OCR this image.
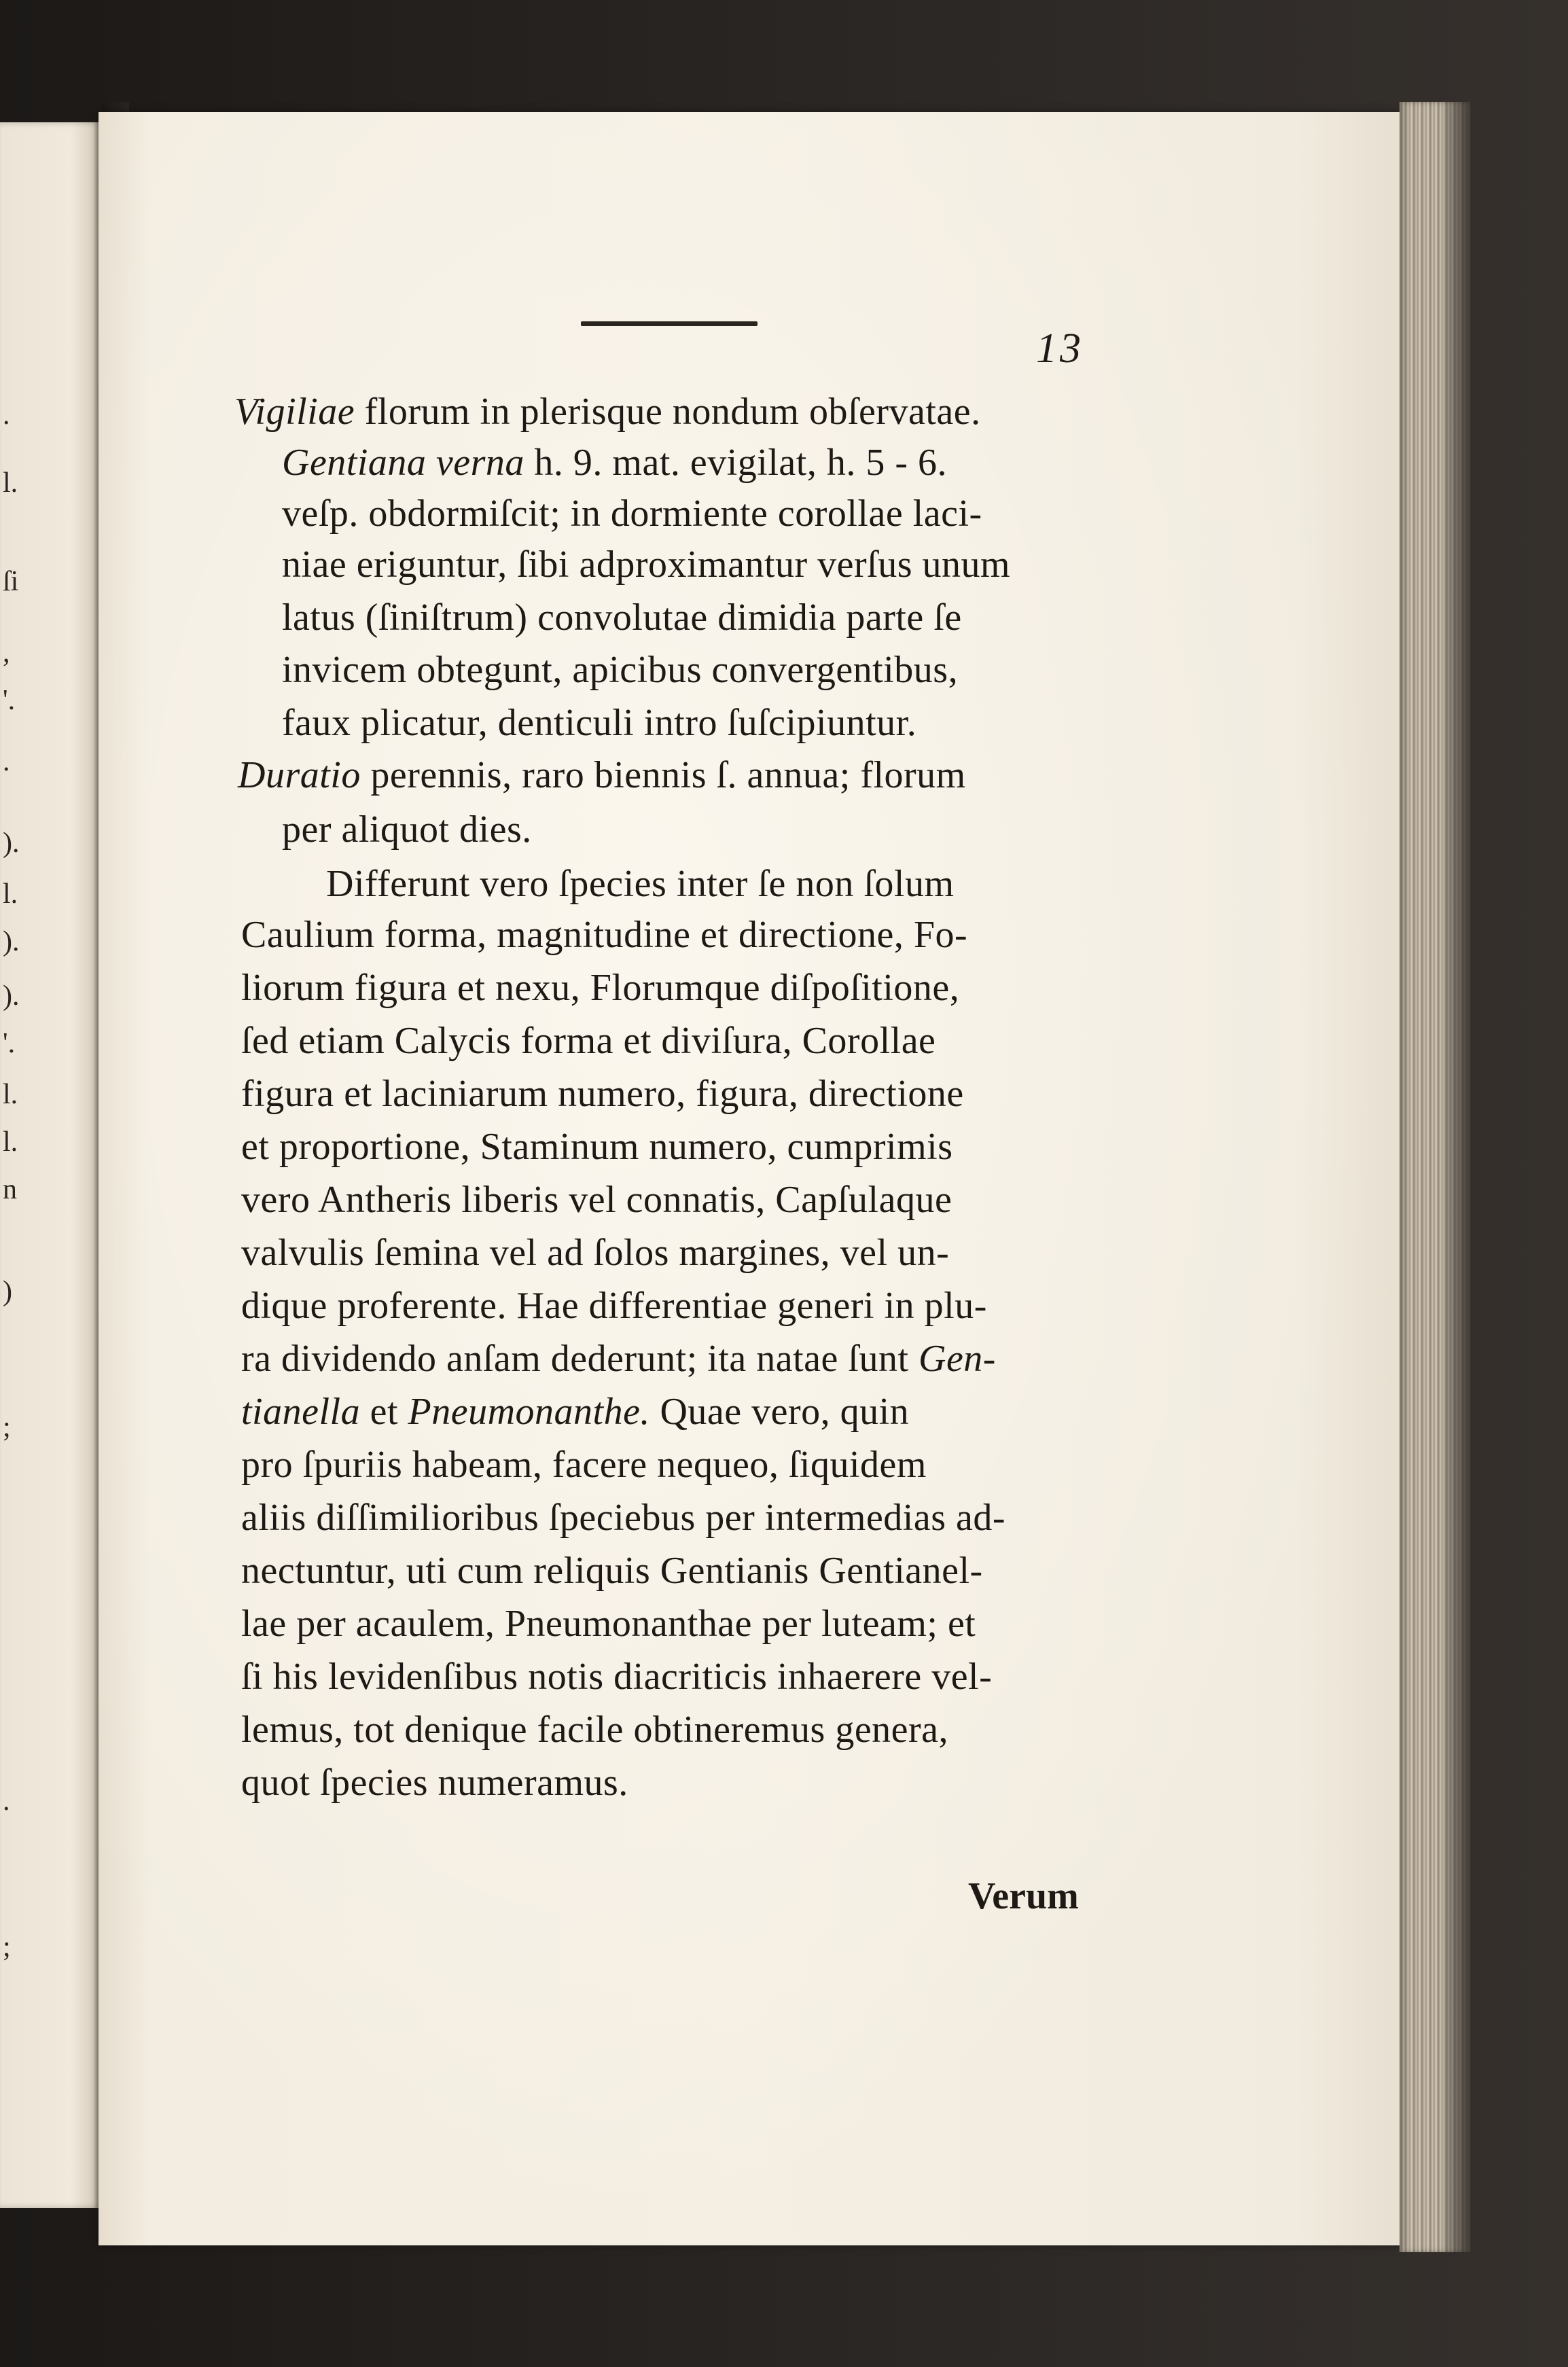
.
l.
ſi
,
'.
.
).
l.
).
).
'.
l.
l.
n
)
;
.
;
13
Vigiliae florum in plerisque nondum obſervatae.
Gentiana verna h. 9. mat. evigilat, h. 5 - 6.
veſp. obdormiſcit; in dormiente corollae laci-
niae eriguntur, ſibi adproximantur verſus unum
latus (ſiniſtrum) convolutae dimidia parte ſe
invicem obtegunt, apicibus convergentibus,
faux plicatur, denticuli intro ſuſcipiuntur.
Duratio perennis, raro biennis ſ. annua; florum
per aliquot dies.
Differunt vero ſpecies inter ſe non ſolum
Caulium forma, magnitudine et directione, Fo-
liorum figura et nexu, Florumque diſpoſitione,
ſed etiam Calycis forma et diviſura, Corollae
figura et laciniarum numero, figura, directione
et proportione, Staminum numero, cumprimis
vero Antheris liberis vel connatis, Capſulaque
valvulis ſemina vel ad ſolos margines, vel un-
dique proferente. Hae differentiae generi in plu-
ra dividendo anſam dederunt; ita natae ſunt Gen-
tianella et Pneumonanthe. Quae vero, quin
pro ſpuriis habeam, facere nequeo, ſiquidem
aliis diſſimilioribus ſpeciebus per intermedias ad-
nectuntur, uti cum reliquis Gentianis Gentianel-
lae per acaulem, Pneumonanthae per luteam; et
ſi his levidenſibus notis diacriticis inhaerere vel-
lemus, tot denique facile obtineremus genera,
quot ſpecies numeramus.
Verum
